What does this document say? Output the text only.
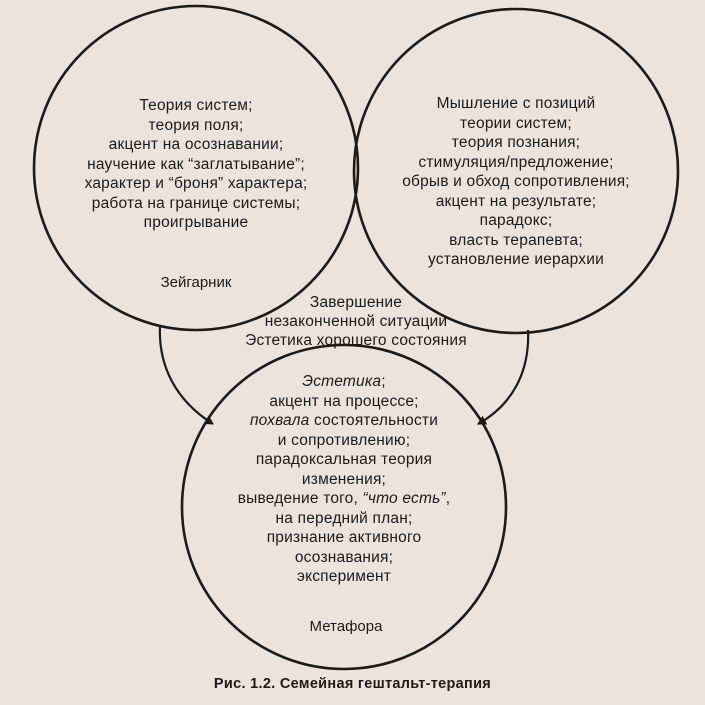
Теория систем;
теория поля;
акцент на осознавании;
научение как “заглатывание”;
характер и “броня” характера;
работа на границе системы;
проигрывание
Зейгарник
Мышление с позиций
теории систем;
теория познания;
стимуляция/предложение;
обрыв и обход сопротивления;
акцент на результате;
парадокс;
власть терапевта;
установление иерархии
Завершение
незаконченной ситуации
Эстетика хорошего состояния
Эстетика;
акцент на процессе;
похвала состоятельности
и сопротивлению;
парадоксальная теория
изменения;
выведение того, “что есть”,
на передний план;
признание активного
осознавания;
эксперимент
Метафора
Рис. 1.2. Семейная гештальт-терапия
